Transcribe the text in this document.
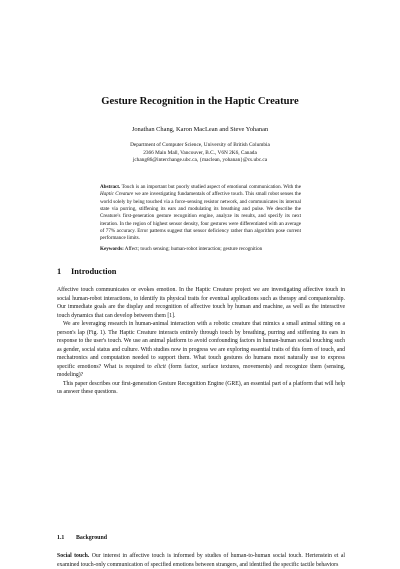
Gesture Recognition in the Haptic Creature
Jonathan Chang, Karon MacLean and Steve Yohanan
Department of Computer Science, University of British Columbia
2366 Main Mall, Vancouver, B.C., V6N 2K6, Canada
jchang86@interchange.ubc.ca, {maclean, yohanan}@cs.ubc.ca

Abstract. Touch is an important but poorly studied aspect of emotional communication. With the Haptic Creature we are investigating fundamentals of affective touch. This small robot senses the world solely by being touched via a force-sensing resistor network, and communicates its internal state via purring, stiffening its ears and modulating its breathing and pulse. We describe the Creature's first-generation gesture recognition engine, analyze its results, and specify its next iteration. In the region of highest sensor density, four gestures were differentiated with an average of 77% accuracy. Error patterns suggest that sensor deficiency rather than algorithm pose current performance limits.

Keywords: Affect; touch sensing; human-robot interaction; gesture recognition

1 Introduction

Affective touch communicates or evokes emotion. In the Haptic Creature project we are investigating affective touch in social human-robot interactions, to identify its physical traits for eventual applications such as therapy and companionship. Our immediate goals are the display and recognition of affective touch by human and machine, as well as the interactive touch dynamics that can develop between them [1].

We are leveraging research in human-animal interaction with a robotic creature that mimics a small animal sitting on a person's lap (Fig. 1). The Haptic Creature interacts entirely through touch by breathing, purring and stiffening its ears in response to the user's touch. We use an animal platform to avoid confounding factors in human-human social touching such as gender, social status and culture. With studies now in progress we are exploring essential traits of this form of touch, and mechatronics and computation needed to support them. What touch gestures do humans most naturally use to express specific emotions? What is required to elicit (form factor, surface textures, movements) and recognize them (sensing, modeling)?

This paper describes our first-generation Gesture Recognition Engine (GRE), an essential part of a platform that will help us answer these questions.

1.1 Background

Social touch. Our interest in affective touch is informed by studies of human-to-human social touch. Hertenstein et al examined touch-only communication of specified emotions between strangers, and identified the specific tactile behaviors
